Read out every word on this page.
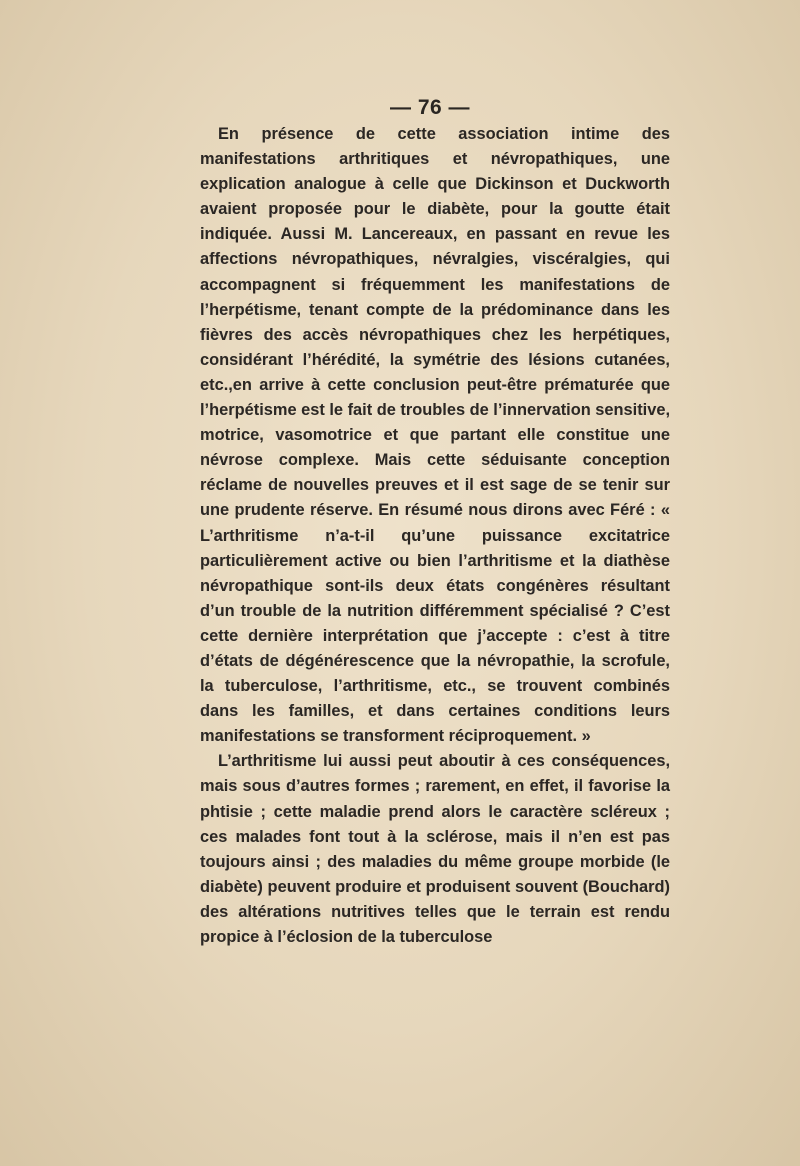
— 76 —

En présence de cette association intime des manifestations arthritiques et névropathiques, une explication analogue à celle que Dickinson et Duckworth avaient proposée pour le diabète, pour la goutte était indiquée. Aussi M. Lancereaux, en passant en revue les affections névropathiques, névralgies, viscéralgies, qui accompagnent si fréquemment les manifestations de l’herpétisme, tenant compte de la prédominance dans les fièvres des accès névropathiques chez les herpétiques, considérant l’hérédité, la symétrie des lésions cutanées, etc.,en arrive à cette conclusion peut-être prématurée que l’herpétisme est le fait de troubles de l’innervation sensitive, motrice, vasomotrice et que partant elle constitue une névrose complexe. Mais cette séduisante conception réclame de nouvelles preuves et il est sage de se tenir sur une prudente réserve. En résumé nous dirons avec Féré : « L’arthritisme n’a-t-il qu’une puissance excitatrice particulièrement active ou bien l’arthritisme et la diathèse névropathique sont-ils deux états congénères résultant d’un trouble de la nutrition différemment spécialisé ? C’est cette dernière interprétation que j’accepte : c’est à titre d’états de dégénérescence que la névropathie, la scrofule, la tuberculose, l’arthritisme, etc., se trouvent combinés dans les familles, et dans certaines conditions leurs manifestations se transforment réciproquement. »

L’arthritisme lui aussi peut aboutir à ces conséquences, mais sous d’autres formes ; rarement, en effet, il favorise la phtisie ; cette maladie prend alors le caractère scléreux ; ces malades font tout à la sclérose, mais il n’en est pas toujours ainsi ; des maladies du même groupe morbide (le diabète) peuvent produire et produisent souvent (Bouchard) des altérations nutritives telles que le terrain est rendu propice à l’éclosion de la tuberculose
